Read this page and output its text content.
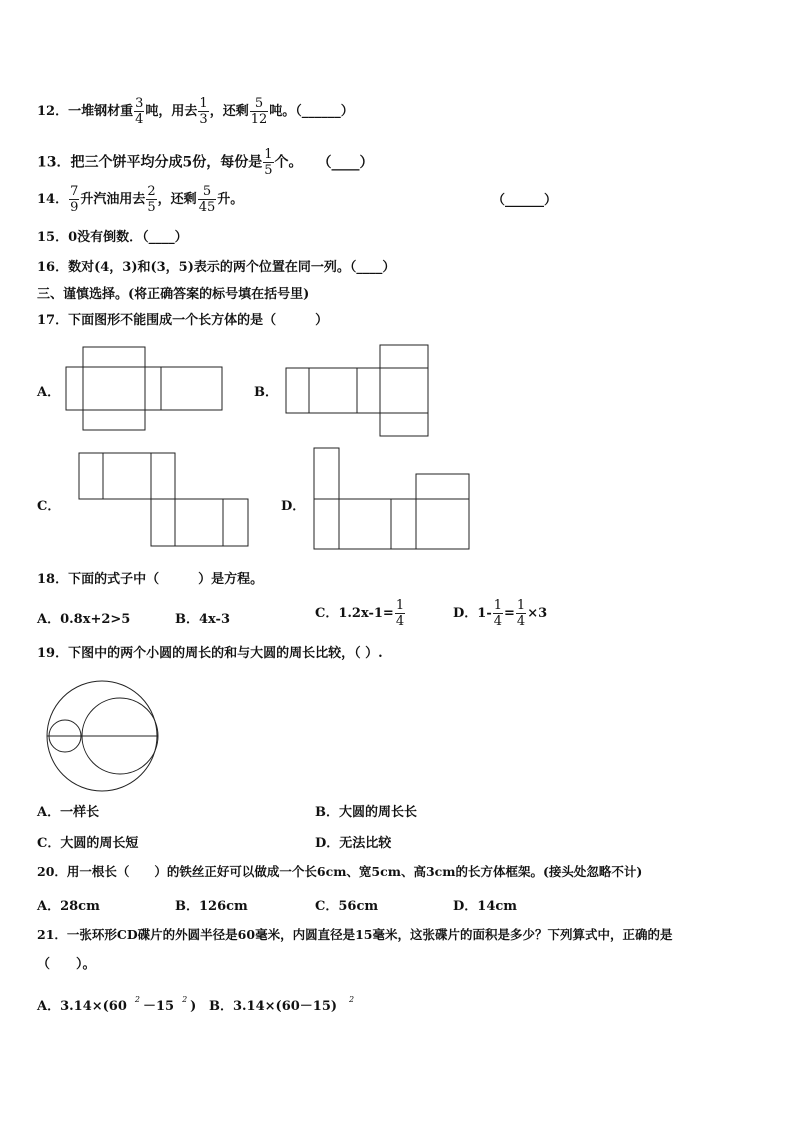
12．一堆钢材重 $\frac{3}{4}$ 吨，用去 $\frac{1}{3}$ ，还剩 $\frac{5}{12}$ 吨。（______）
13．把三个饼平均分成5份，每份是 $\frac{1}{5}$ 个。 （____）
14． $\frac{7}{9}$ 升汽油用去 $\frac{2}{5}$ ，还剩 $\frac{5}{45}$ 升。	（______）
15．0没有倒数．（____）
16．数对(4，3)和(3，5)表示的两个位置在同一列。（____）
三、谨慎选择。(将正确答案的标号填在括号里)
17．下面图形不能围成一个长方体的是（　　　）
A．	B．
C．	D．
18．下面的式子中（　　　）是方程。
A．0.8x+2>5	B．4x-3	C．$1.2x-1= \frac{1}{4}$	D．$1- \frac{1}{4} = \frac{1}{4} \times 3$
19．下图中的两个小圆的周长的和与大圆的周长比较，（ ）.
A．一样长	B．大圆的周长长
C．大圆的周长短	D．无法比较
20．用一根长（　　）的铁丝正好可以做成一个长6cm、宽5cm、高3cm的长方体框架。(接头处忽略不计)
A．28cm	B．126cm	C．56cm	D．14cm
21．一张环形CD碟片的外圆半径是60毫米，内圆直径是15毫米，这张碟片的面积是多少？下列算式中，正确的是
（　　）。
A．3.14×(60 $^2$ －15 $^2$ ) B．3.14×(60－15) $^2$
